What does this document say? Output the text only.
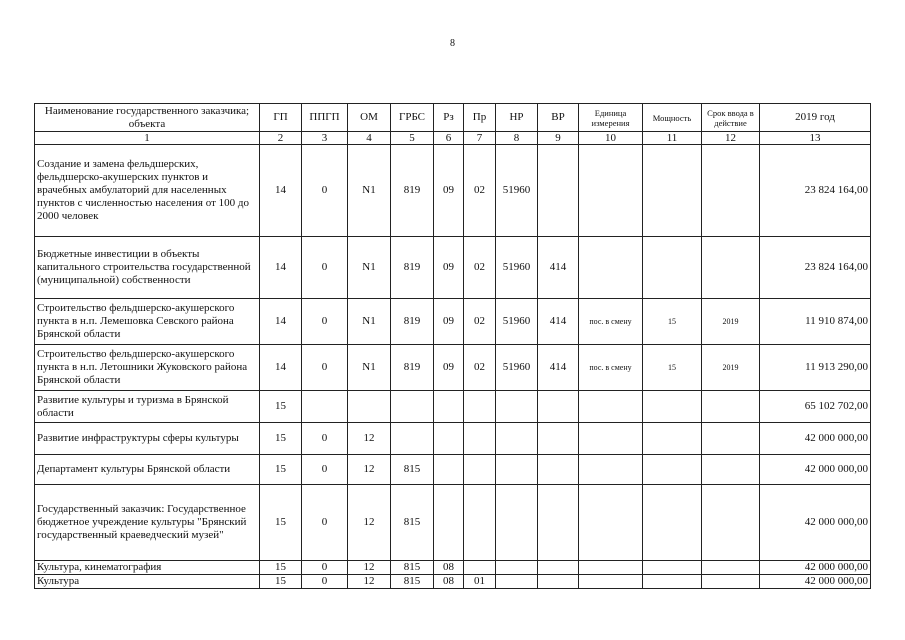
8
Наименование государственного заказчика; объекта	ГП	ППГП	ОМ	ГРБС	Рз	Пр	НР	ВР	Единица измерения	Мощность	Срок ввода в действие	2019 год
1	2	3	4	5	6	7	8	9	10	11	12	13
Создание и замена фельдшерских, фельдшерско-акушерских пунктов и врачебных амбулаторий для населенных пунктов с численностью населения от 100 до 2000 человек	14	0	N1	819	09	02	51960					23 824 164,00
Бюджетные инвестиции в объекты капитального строительства государственной (муниципальной) собственности	14	0	N1	819	09	02	51960	414				23 824 164,00
Строительство фельдшерско-акушерского пункта в н.п. Лемешовка Севского района Брянской области	14	0	N1	819	09	02	51960	414	пос. в смену	15	2019	11 910 874,00
Строительство фельдшерско-акушерского пункта в н.п. Летошники Жуковского района Брянской области	14	0	N1	819	09	02	51960	414	пос. в смену	15	2019	11 913 290,00
Развитие культуры и туризма в Брянской области	15											65 102 702,00
Развитие инфраструктуры сферы культуры	15	0	12									42 000 000,00
Департамент культуры Брянской области	15	0	12	815								42 000 000,00
Государственный заказчик: Государственное бюджетное учреждение культуры "Брянский государственный краеведческий музей"	15	0	12	815								42 000 000,00
Культура, кинематография	15	0	12	815	08							42 000 000,00
Культура	15	0	12	815	08	01						42 000 000,00
